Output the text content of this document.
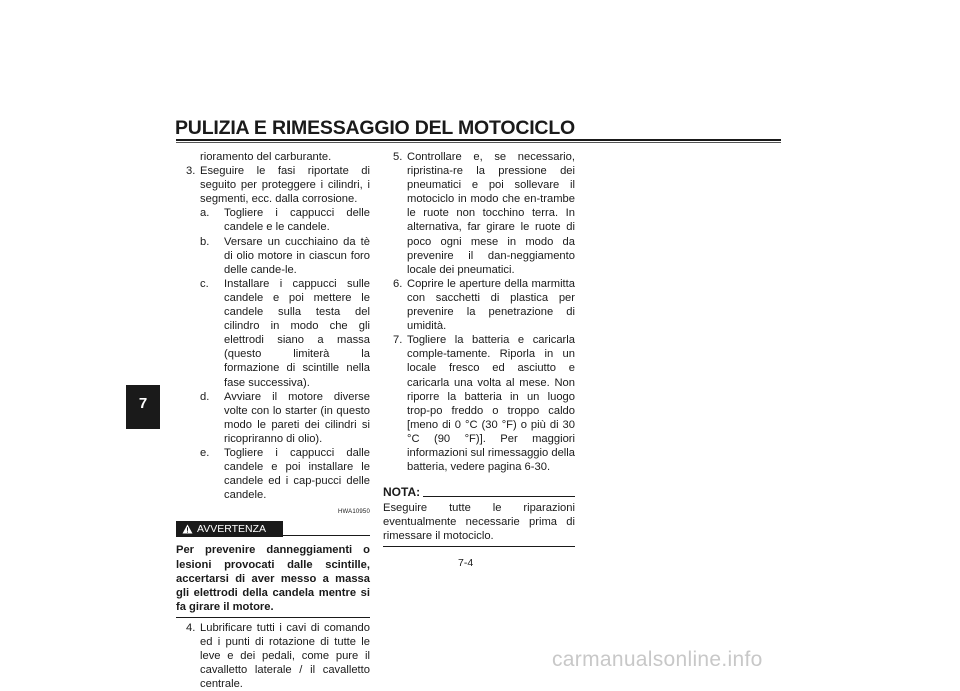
PULIZIA E RIMESSAGGIO DEL MOTOCICLO
7

rioramento del carburante.

3. Eseguire le fasi riportate di seguito per proteggere i cilindri, i segmenti, ecc. dalla corrosione.

a. Togliere i cappucci delle candele e le candele.

b. Versare un cucchiaino da tè di olio motore in ciascun foro delle cande-le.

c. Installare i cappucci sulle candele e poi mettere le candele sulla testa del cilindro in modo che gli elettrodi siano a massa (questo limiterà la formazione di scintille nella fase successiva).

d. Avviare il motore diverse volte con lo starter (in questo modo le pareti dei cilindri si ricopriranno di olio).

e. Togliere i cappucci dalle candele e poi installare le candele ed i cap-pucci delle candele.

HWA10950
AVVERTENZA

Per prevenire danneggiamenti o lesioni provocati dalle scintille, accertarsi di aver messo a massa gli elettrodi della candela mentre si fa girare il motore.

4. Lubrificare tutti i cavi di comando ed i punti di rotazione di tutte le leve e dei pedali, come pure il cavalletto laterale / il cavalletto centrale.

5. Controllare e, se necessario, ripristina-re la pressione dei pneumatici e poi sollevare il motociclo in modo che en-trambe le ruote non tocchino terra. In alternativa, far girare le ruote di poco ogni mese in modo da prevenire il dan-neggiamento locale dei pneumatici.

6. Coprire le aperture della marmitta con sacchetti di plastica per prevenire la penetrazione di umidità.

7. Togliere la batteria e caricarla comple-tamente. Riporla in un locale fresco ed asciutto e caricarla una volta al mese. Non riporre la batteria in un luogo trop-po freddo o troppo caldo [meno di 0 °C (30 °F) o più di 30 °C (90 °F)]. Per maggiori informazioni sul rimessaggio della batteria, vedere pagina 6-30.

NOTA:

Eseguire tutte le riparazioni eventualmente necessarie prima di rimessare il motociclo.

7-4
carmanualsonline.info
